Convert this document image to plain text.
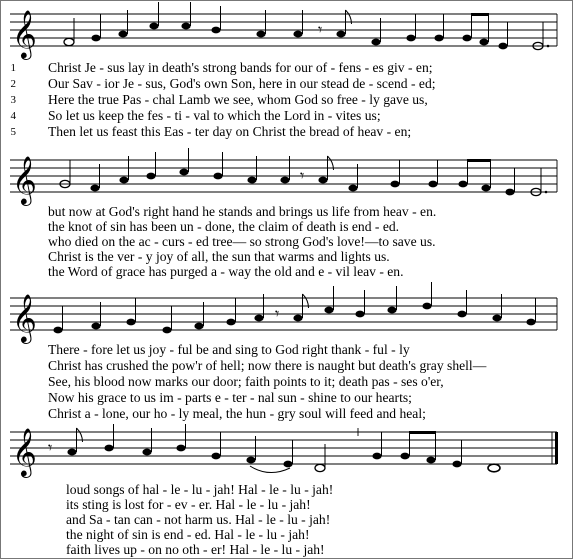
𝄞	𝄾
1 Christ Je - sus lay in death's strong bands for our of - fens - es giv - en;
2 Our Sav - ior Je - sus, God's own Son, here in our stead de - scend - ed;
3 Here the true Pas - chal Lamb we see, whom God so free - ly gave us,
4 So let us keep the fes - ti - val to which the Lord in - vites us;
5 Then let us feast this Eas - ter day on Christ the bread of heav - en;
𝄞	𝄾
but now at God's right hand he stands and brings us life from heav - en.
the knot of sin has been un - done, the claim of death is end - ed.
who died on the ac - curs - ed tree— so strong God's love!—to save us.
Christ is the ver - y joy of all, the sun that warms and lights us.
the Word of grace has purged a - way the old and e - vil leav - en.
𝄞	𝄾
There - fore let us joy - ful be and sing to God right thank - ful - ly
Christ has crushed the pow'r of hell; now there is naught but death's gray shell—
See, his blood now marks our door; faith points to it; death pas - ses o'er,
Now his grace to us im - parts e - ter - nal sun - shine to our hearts;
Christ a - lone, our ho - ly meal, the hun - gry soul will feed and heal;
𝄞 𝄾
loud songs of hal - le - lu - jah! Hal - le - lu - jah!
its sting is lost for - ev - er. Hal - le - lu - jah!
and Sa - tan can - not harm us. Hal - le - lu - jah!
the night of sin is end - ed. Hal - le - lu - jah!
faith lives up - on no oth - er! Hal - le - lu - jah!
